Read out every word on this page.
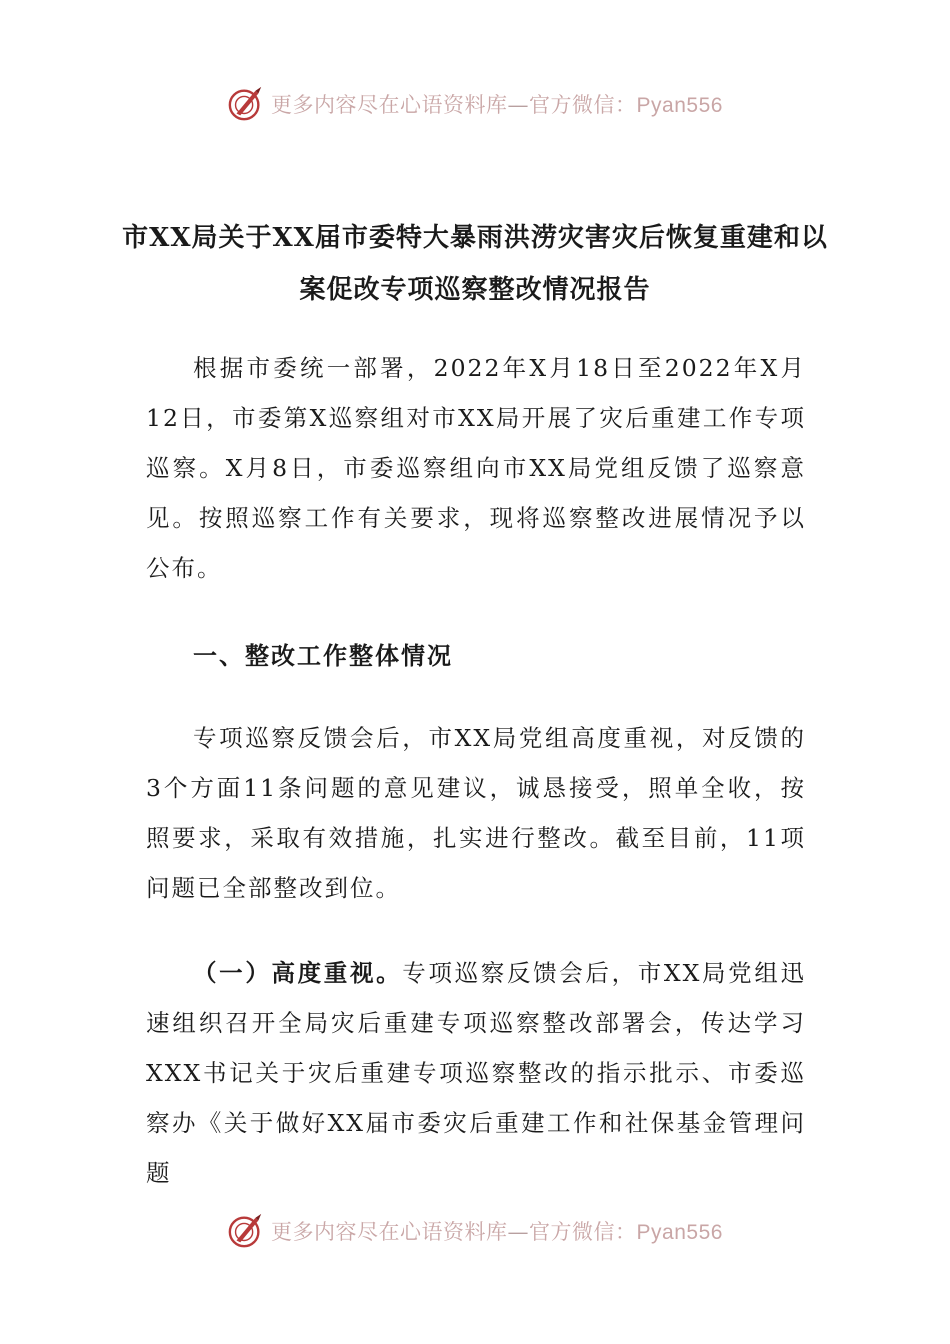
更多内容尽在心语资料库—官方微信：Pyan556
市XX局关于XX届市委特大暴雨洪涝灾害灾后恢复重建和以
案促改专项巡察整改情况报告
根据市委统一部署，2022年X月18日至2022年X月12日，市委第X巡察组对市XX局开展了灾后重建工作专项巡察。X月8日，市委巡察组向市XX局党组反馈了巡察意见。按照巡察工作有关要求，现将巡察整改进展情况予以公布。
一、整改工作整体情况
专项巡察反馈会后，市XX局党组高度重视，对反馈的3个方面11条问题的意见建议，诚恳接受，照单全收，按照要求，采取有效措施，扎实进行整改。截至目前，11项问题已全部整改到位。
（一）高度重视。专项巡察反馈会后，市XX局党组迅速组织召开全局灾后重建专项巡察整改部署会，传达学习XXX书记关于灾后重建专项巡察整改的指示批示、市委巡察办《关于做好XX届市委灾后重建工作和社保基金管理问题
更多内容尽在心语资料库—官方微信：Pyan556
